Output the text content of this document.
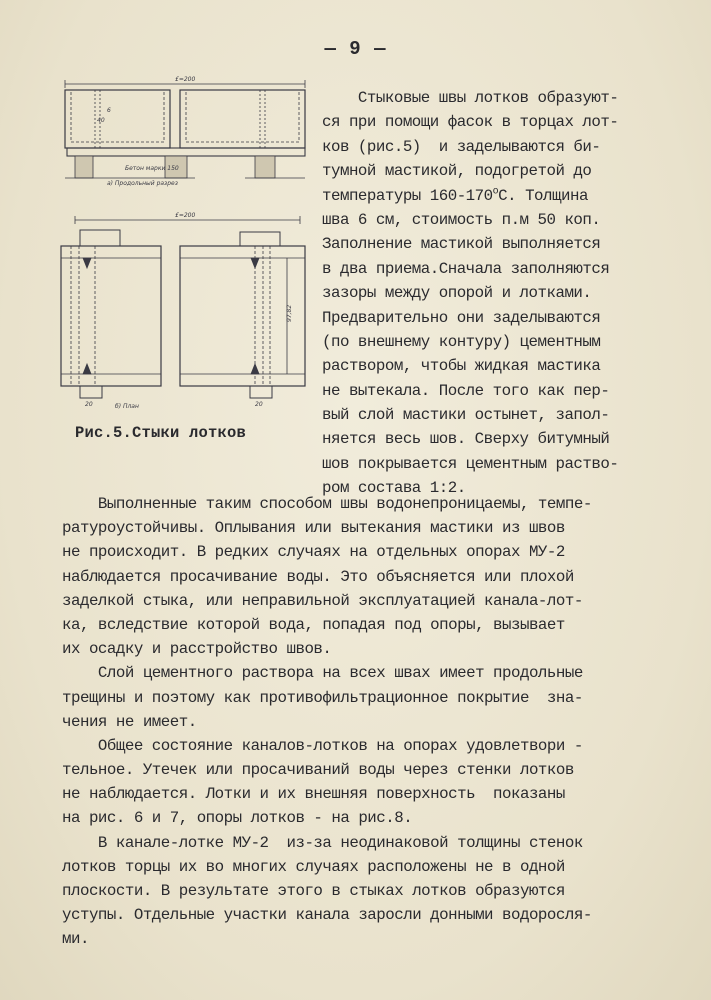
— 9 —
£=200
Бетон марки 150
а) Продольный разрез
£=200
б) План
20	20
6
40
97,82
Рис.5.Стыки лотков
Стыковые швы лотков образуют-
ся при помощи фасок в торцах лот-
ков (рис.5)  и заделываются би-
тумной мастикой, подогретой до
температуры $160-170^оС$. Толщина
шва 6 см, стоимость п.м 50 коп.
Заполнение мастикой выполняется
в два приема.Сначала заполняются
зазоры между опорой и лотками.
Предварительно они заделываются
(по внешнему контуру) цементным
раствором, чтобы жидкая мастика
не вытекала. После того как пер-
вый слой мастики остынет, запол-
няется весь шов. Сверху битумный
шов покрывается цементным раство-
ром состава 1:2.
Выполненные таким способом швы водонепроницаемы, темпе-
ратуроустойчивы. Оплывания или вытекания мастики из швов
не происходит. В редких случаях на отдельных опорах МУ-2
наблюдается просачивание воды. Это объясняется или плохой
заделкой стыка, или неправильной эксплуатацией канала-лот-
ка, вследствие которой вода, попадая под опоры, вызывает
их осадку и расстройство швов.
Слой цементного раствора на всех швах имеет продольные
трещины и поэтому как противофильтрационное покрытие  зна-
чения не имеет.
Общее состояние каналов-лотков на опорах удовлетвори -
тельное. Утечек или просачиваний воды через стенки лотков
не наблюдается. Лотки и их внешняя поверхность  показаны
на рис. 6 и 7, опоры лотков - на рис.8.
В канале-лотке МУ-2  из-за неодинаковой толщины стенок
лотков торцы их во многих случаях расположены не в одной
плоскости. В результате этого в стыках лотков образуются
уступы. Отдельные участки канала заросли донными водоросля-
ми.
